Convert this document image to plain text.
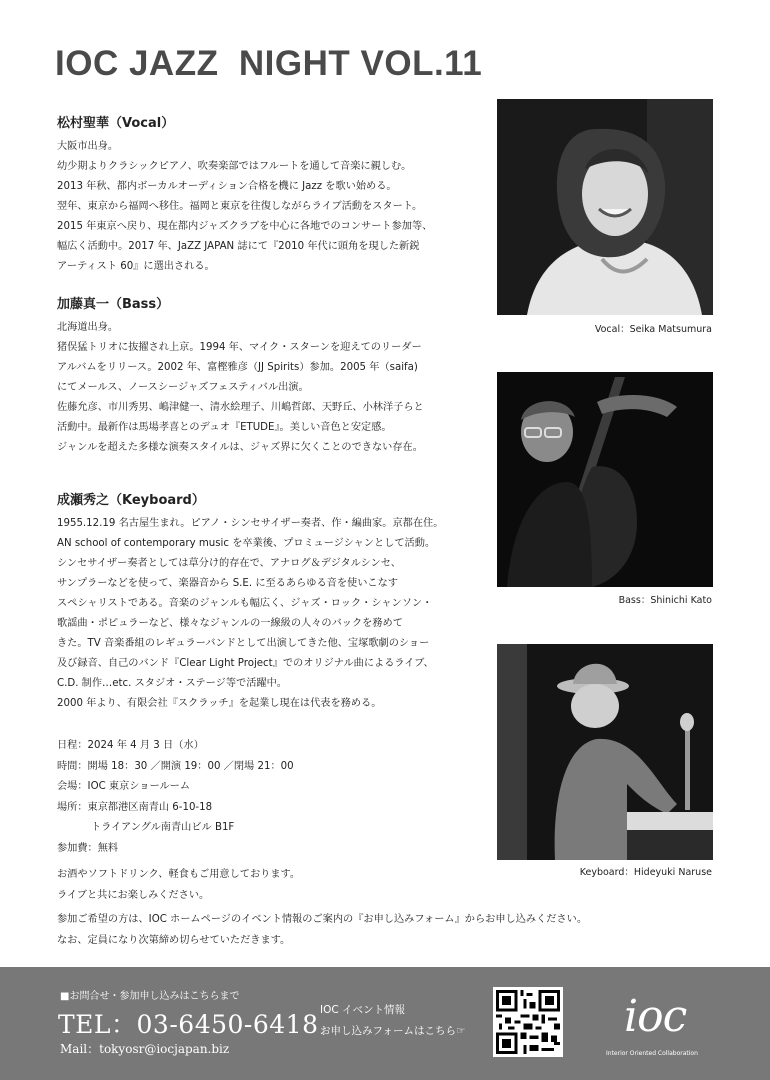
IOC JAZZ  NIGHT VOL.11
松村聖華（Vocal）
大阪市出身。
幼少期よりクラシックピアノ、吹奏楽部ではフルートを通して音楽に親しむ。
2013 年秋、都内ボーカルオーディション合格を機に Jazz を歌い始める。
翌年、東京から福岡へ移住。福岡と東京を往復しながらライブ活動をスタート。
2015 年東京へ戻り、現在都内ジャズクラブを中心に各地でのコンサート参加等、
幅広く活動中。2017 年、JaZZ JAPAN 誌にて『2010 年代に頭角を現した新鋭
アーティスト 60』に選出される。
加藤真一（Bass）
北海道出身。
猪俣猛トリオに抜擢され上京。1994 年、マイク・スターンを迎えてのリーダー
アルバムをリリース。2002 年、富樫雅彦（JJ Spirits）参加。2005 年（saifa)
にてメールス、ノースシージャズフェスティバル出演。
佐藤允彦、市川秀男、嶋津健一、清水絵理子、川嶋哲郎、天野丘、小林洋子らと
活動中。最新作は馬場孝喜とのデュオ『ETUDE』。美しい音色と安定感。
ジャンルを超えた多様な演奏スタイルは、ジャズ界に欠くことのできない存在。
成瀬秀之（Keyboard）
1955.12.19 名古屋生まれ。ピアノ・シンセサイザー奏者、作・編曲家。京都在住。
AN school of contemporary music を卒業後、プロミュージシャンとして活動。
シンセサイザー奏者としては草分け的存在で、アナログ＆デジタルシンセ、
サンプラーなどを使って、楽器音から S.E. に至るあらゆる音を使いこなす
スペシャリストである。音楽のジャンルも幅広く、ジャズ・ロック・シャンソン・
歌謡曲・ポピュラーなど、様々なジャンルの一線級の人々のバックを務めて
きた。TV 音楽番組のレギュラーバンドとして出演してきた他、宝塚歌劇のショー
及び録音、自己のバンド『Clear Light Project』でのオリジナル曲によるライブ、
C.D. 制作…etc. スタジオ・ステージ等で活躍中。
2000 年より、有限会社『スクラッチ』を起業し現在は代表を務める。
Vocal：Seika Matsumura
Bass：Shinichi Kato
Keyboard：Hideyuki Naruse
日程：2024 年 4 月 3 日（水）
時間：開場 18：30 ／開演 19：00 ／閉場 21：00
会場：IOC 東京ショールーム
場所：東京都港区南青山 6-10-18
トライアングル南青山ビル B1F
参加費：無料
お酒やソフトドリンク、軽食もご用意しております。
ライブと共にお楽しみください。
参加ご希望の方は、IOC ホームページのイベント情報のご案内の『お申し込みフォーム』からお申し込みください。
なお、定員になり次第締め切らせていただきます。
■お問合せ・参加申し込みはこちらまで
TEL：03-6450-6418
Mail：tokyosr@iocjapan.biz
IOC イベント情報
お申し込みフォームはこちら☞	ioc
Interior Oriented Collaboration
